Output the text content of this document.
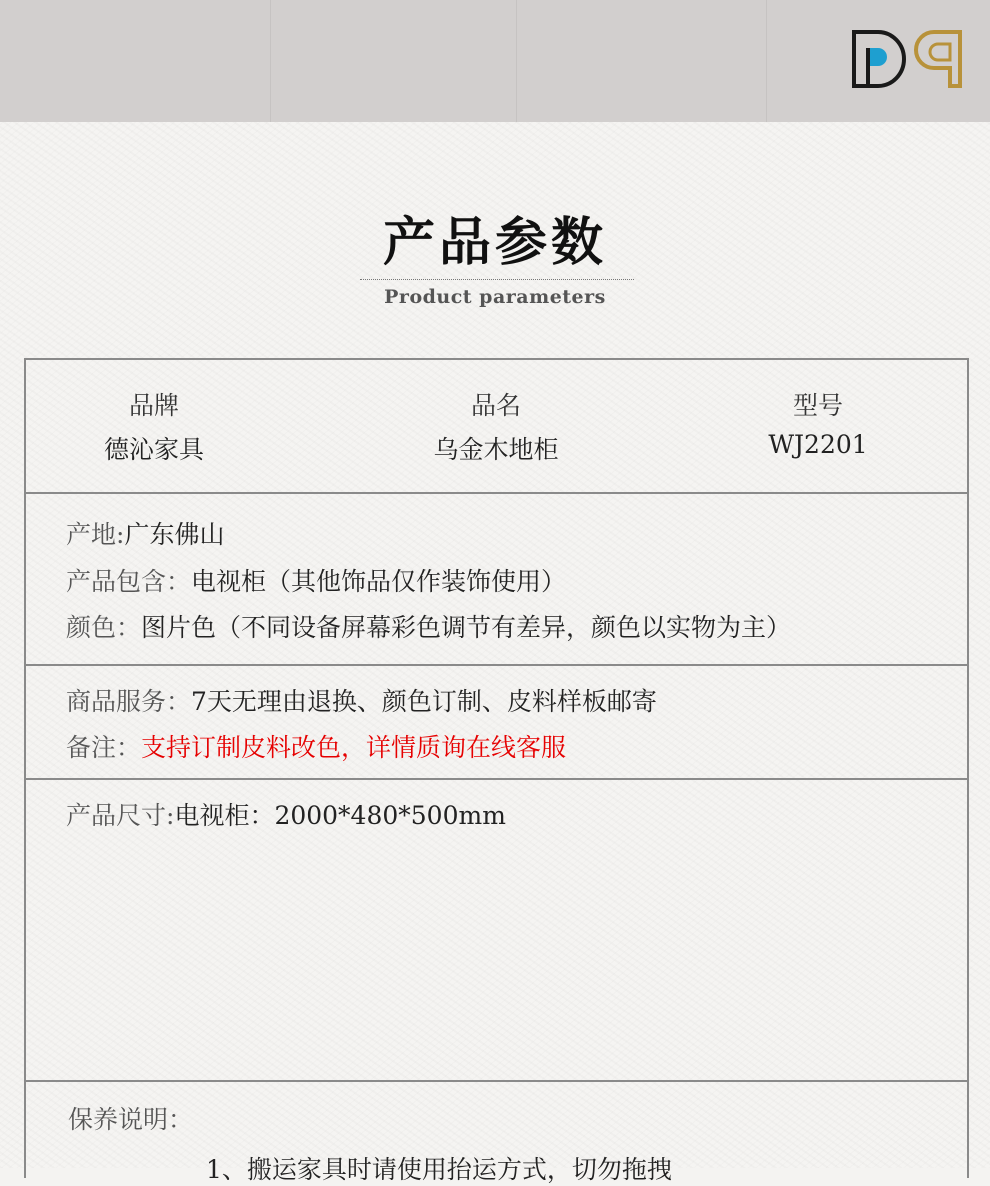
产品参数
Product parameters
品牌
德沁家具
品名
乌金木地柜
型号
WJ2201
产地:广东佛山
产品包含：电视柜（其他饰品仅作装饰使用）
颜色：图片色（不同设备屏幕彩色调节有差异，颜色以实物为主）
商品服务：7天无理由退换、颜色订制、皮料样板邮寄
备注：支持订制皮料改色，详情质询在线客服
产品尺寸:电视柜：2000*480*500mm
保养说明：
1、搬运家具时请使用抬运方式，切勿拖拽
